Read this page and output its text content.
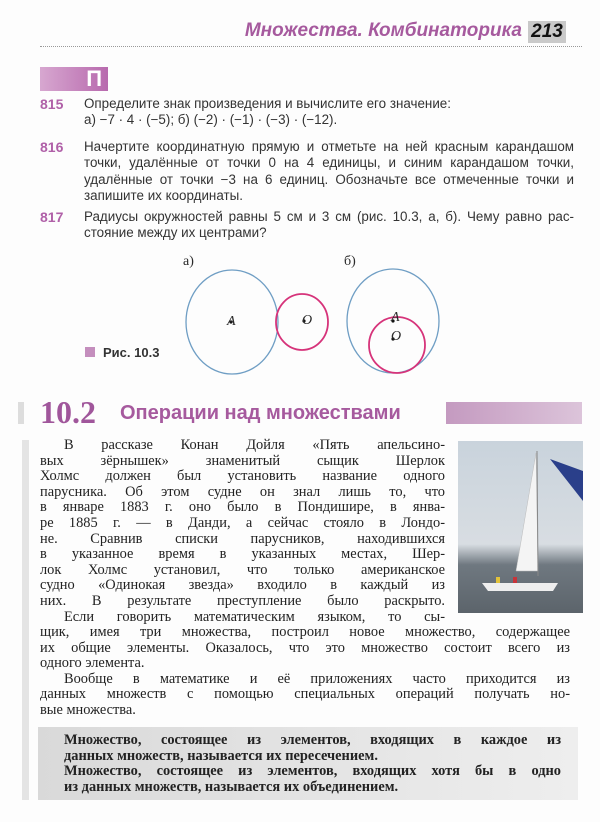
Множества. Комбинаторика 213
П
815 Определите знак произведения и вычислите его значение:
а) −7 · 4 · (−5); б) (−2) · (−1) · (−3) · (−12).
816 Начертите координатную прямую и отметьте на ней красным карандашом
точки, удалённые от точки 0 на 4 единицы, и синим карандашом точки,
удалённые от точки −3 на 6 единиц. Обозначьте все отмеченные точки и
запишите их координаты.
817 Радиусы окружностей равны 5 см и 3 см (рис. 10.3, а, б). Чему равно рас-
стояние между их центрами?
а)	б)
A	O	A
O
Рис. 10.3
10.2 Операции над множествами
В рассказе Конан Дойля «Пять апельсино-
вых зёрнышек» знаменитый сыщик Шерлок
Холмс должен был установить название одного
парусника. Об этом судне он знал лишь то, что
в январе 1883 г. оно было в Пондишире, в янва-
ре 1885 г. — в Данди, а сейчас стояло в Лондо-
не. Сравнив списки парусников, находившихся
в указанное время в указанных местах, Шер-
лок Холмс установил, что только американское
судно «Одинокая звезда» входило в каждый из
них. В результате преступление было раскрыто.
Если говорить математическим языком, то сы-
щик, имея три множества, построил новое множество, содержащее
их общие элементы. Оказалось, что это множество состоит всего из
одного элемента.
Вообще в математике и её приложениях часто приходится из
данных множеств с помощью специальных операций получать но-
вые множества.
Множество, состоящее из элементов, входящих в каждое из
данных множеств, называется их пересечением.
Множество, состоящее из элементов, входящих хотя бы в одно
из данных множеств, называется их объединением.
